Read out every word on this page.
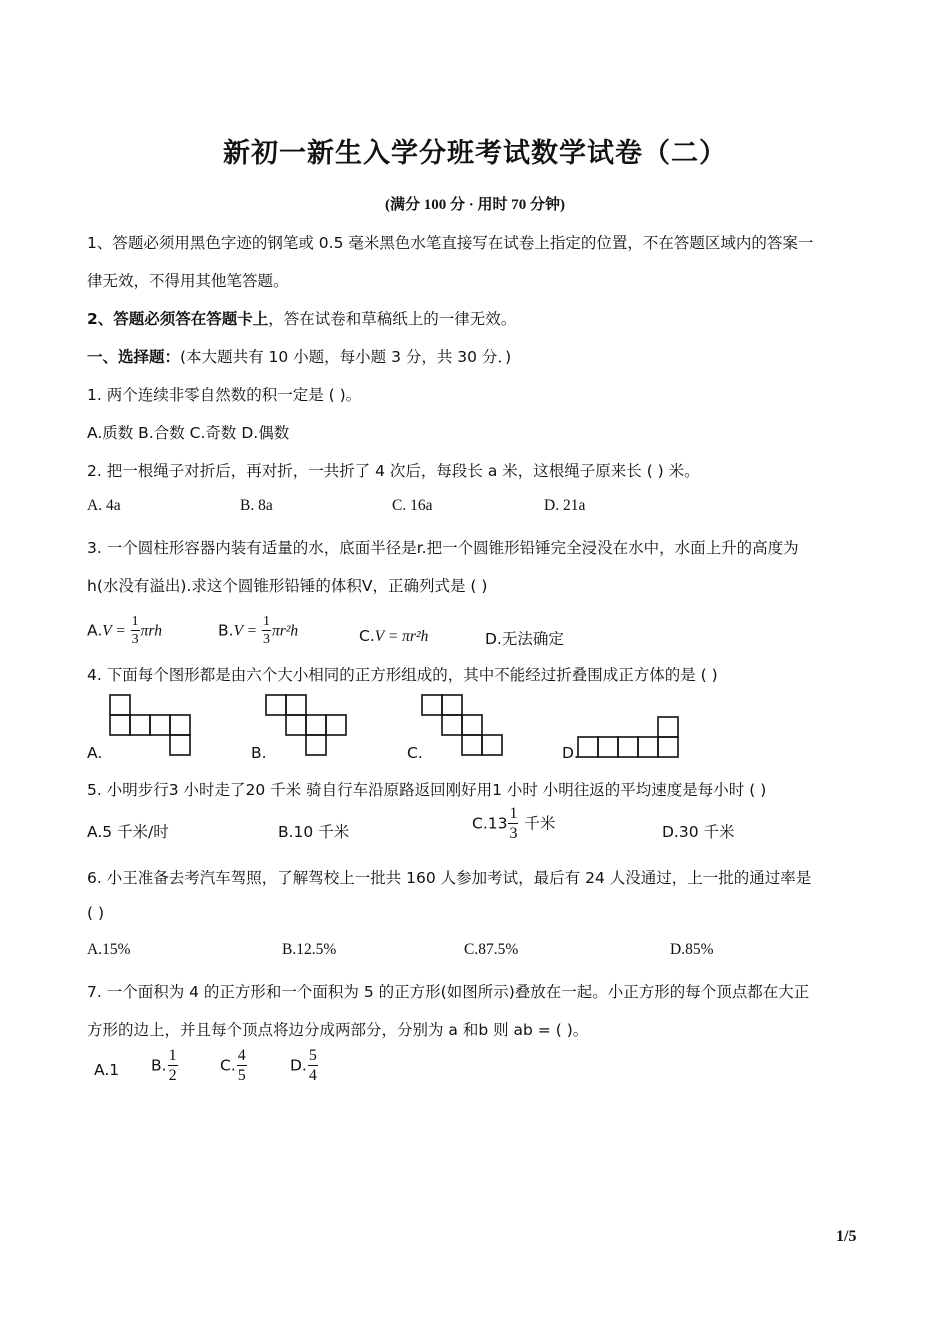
新初一新生入学分班考试数学试卷（二）
(满分 100 分 · 用时 70 分钟)
1、答题必须用黑色字迹的钢笔或 0.5 毫米黑色水笔直接写在试卷上指定的位置，不在答题区域内的答案一
律无效，不得用其他笔答题。
2、答题必须答在答题卡上，答在试卷和草稿纸上的一律无效。
一、选择题：(本大题共有 10 小题，每小题 3 分，共 30 分．)
1. 两个连续非零自然数的积一定是 ( )。
A.质数 B.合数 C.奇数 D.偶数
2. 把一根绳子对折后，再对折，一共折了 4 次后，每段长 a 米，这根绳子原来长 ( ) 米。
A. 4a	B. 8a	C. 16a	D. 21a
3. 一个圆柱形容器内装有适量的水，底面半径是r.把一个圆锥形铅锤完全浸没在水中，水面上升的高度为
h(水没有溢出).求这个圆锥形铅锤的体积V，正确列式是 ( )
$A.V = \frac{1}{3}$ πrh	$B.V = \frac{1}{3} \pi r^2h$	C.V = πr²h	D.无法确定
4. 下面每个图形都是由六个大小相同的正方形组成的，其中不能经过折叠围成正方体的是 ( )
A.	B.	C.	D.
5. 小明步行3 小时走了20 千米 骑自行车沿原路返回刚好用1 小时 小明往返的平均速度是每小时 ( )
A.5 千米/时	B.10 千米	$C.13 \frac{1}{3}$ 千米	D.30 千米
6. 小王准备去考汽车驾照，了解驾校上一批共 160 人参加考试，最后有 24 人没通过，上一批的通过率是
( )
A.15%	B.12.5%	C.87.5%	D.85%
7. 一个面积为 4 的正方形和一个面积为 5 的正方形(如图所示)叠放在一起。小正方形的每个顶点都在大正
方形的边上，并且每个顶点将边分成两部分，分别为 a 和b 则 ab = ( )。
A.1 B. $\frac{1}{2}$	C. $\frac{4}{5}$	D. $\frac{5}{4}$
1/5
